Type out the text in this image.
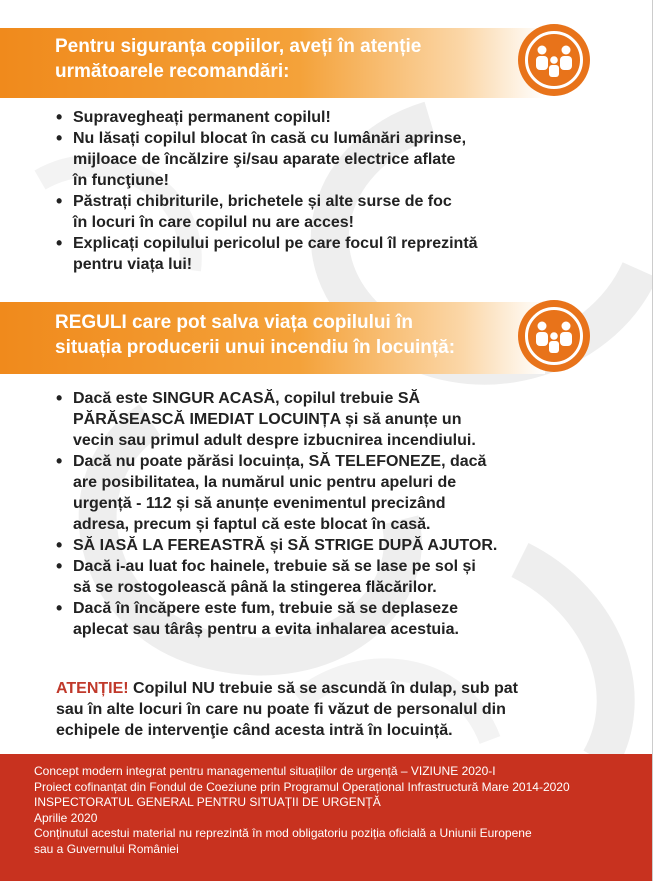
Pentru siguranța copiilor, aveți în atenție
următoarele recomandări:
• Supravegheați permanent copilul!
• Nu lăsați copilul blocat în casă cu lumânări aprinse,
mijloace de încălzire şi/sau aparate electrice aflate
în funcţiune!
• Păstrați chibriturile, brichetele și alte surse de foc
în locuri în care copilul nu are acces!
• Explicați copilului pericolul pe care focul îl reprezintă
pentru viața lui!
REGULI care pot salva viața copilului în
situația producerii unui incendiu în locuință:
• Dacă este SINGUR ACASĂ, copilul trebuie SĂ
PĂRĂSEASCĂ IMEDIAT LOCUINȚA și să anunțe un
vecin sau primul adult despre izbucnirea incendiului.
• Dacă nu poate părăsi locuința, SĂ TELEFONEZE, dacă
are posibilitatea, la numărul unic pentru apeluri de
urgență - 112 și să anunțe evenimentul precizând
adresa, precum și faptul că este blocat în casă.
• SĂ IASĂ LA FEREASTRĂ și SĂ STRIGE DUPĂ AJUTOR.
• Dacă i-au luat foc hainele, trebuie să se lase pe sol și
să se rostogolească până la stingerea flăcărilor.
• Dacă în încăpere este fum, trebuie să se deplaseze
aplecat sau târâș pentru a evita inhalarea acestuia.
ATENȚIE! Copilul NU trebuie să se ascundă în dulap, sub pat
sau în alte locuri în care nu poate fi văzut de personalul din
echipele de intervenţie când acesta intră în locuință.
Concept modern integrat pentru managementul situațiilor de urgență – VIZIUNE 2020-I
Proiect cofinanțat din Fondul de Coeziune prin Programul Operațional Infrastructură Mare 2014-2020
INSPECTORATUL GENERAL PENTRU SITUAȚII DE URGENȚĂ
Aprilie 2020
Conținutul acestui material nu reprezintă în mod obligatoriu poziția oficială a Uniunii Europene
sau a Guvernului României
